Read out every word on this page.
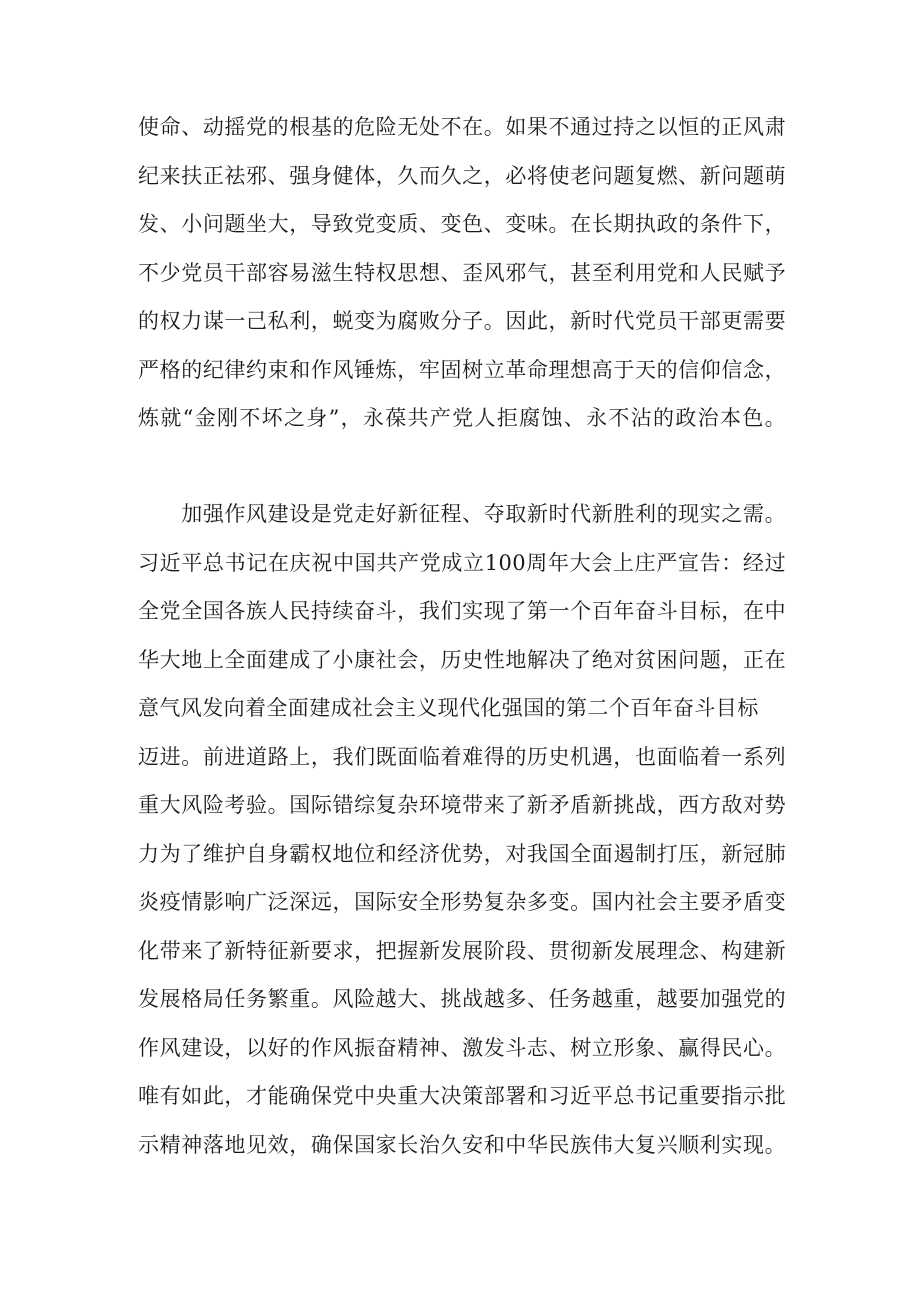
使命、动摇党的根基的危险无处不在。如果不通过持之以恒的正风肃
纪来扶正祛邪、强身健体，久而久之，必将使老问题复燃、新问题萌
发、小问题坐大，导致党变质、变色、变味。在长期执政的条件下，
不少党员干部容易滋生特权思想、歪风邪气，甚至利用党和人民赋予
的权力谋一己私利，蜕变为腐败分子。因此，新时代党员干部更需要
严格的纪律约束和作风锤炼，牢固树立革命理想高于天的信仰信念，
炼就“金刚不坏之身”，永葆共产党人拒腐蚀、永不沾的政治本色。
　　加强作风建设是党走好新征程、夺取新时代新胜利的现实之需。
习近平总书记在庆祝中国共产党成立100周年大会上庄严宣告：经过
全党全国各族人民持续奋斗，我们实现了第一个百年奋斗目标，在中
华大地上全面建成了小康社会，历史性地解决了绝对贫困问题，正在
意气风发向着全面建成社会主义现代化强国的第二个百年奋斗目标
迈进。前进道路上，我们既面临着难得的历史机遇，也面临着一系列
重大风险考验。国际错综复杂环境带来了新矛盾新挑战，西方敌对势
力为了维护自身霸权地位和经济优势，对我国全面遏制打压，新冠肺
炎疫情影响广泛深远，国际安全形势复杂多变。国内社会主要矛盾变
化带来了新特征新要求，把握新发展阶段、贯彻新发展理念、构建新
发展格局任务繁重。风险越大、挑战越多、任务越重，越要加强党的
作风建设，以好的作风振奋精神、激发斗志、树立形象、赢得民心。
唯有如此，才能确保党中央重大决策部署和习近平总书记重要指示批
示精神落地见效，确保国家长治久安和中华民族伟大复兴顺利实现。
